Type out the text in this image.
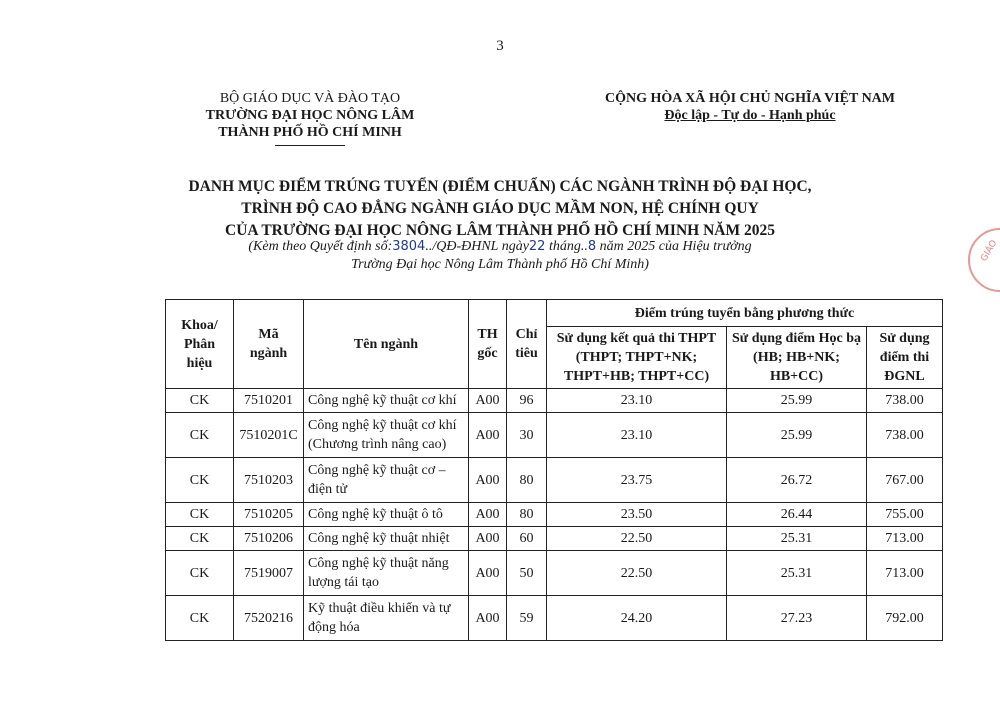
3
BỘ GIÁO DỤC VÀ ĐÀO TẠO
TRƯỜNG ĐẠI HỌC NÔNG LÂM
THÀNH PHỐ HỒ CHÍ MINH
CỘNG HÒA XÃ HỘI CHỦ NGHĨA VIỆT NAM
Độc lập - Tự do - Hạnh phúc
DANH MỤC ĐIỂM TRÚNG TUYỂN (ĐIỂM CHUẨN) CÁC NGÀNH TRÌNH ĐỘ ĐẠI HỌC,
TRÌNH ĐỘ CAO ĐẲNG NGÀNH GIÁO DỤC MẦM NON, HỆ CHÍNH QUY
CỦA TRƯỜNG ĐẠI HỌC NÔNG LÂM THÀNH PHỐ HỒ CHÍ MINH NĂM 2025
(Kèm theo Quyết định số:3804../QĐ-ĐHNL ngày22 tháng..8 năm 2025 của Hiệu trưởng
Trường Đại học Nông Lâm Thành phố Hồ Chí Minh)
GIÁO
Khoa/ Phân hiệu	Mã ngành	Tên ngành	TH gốc	Chỉ tiêu	Điểm trúng tuyển bằng phương thức		
					Sử dụng kết quả thi THPT (THPT; THPT+NK; THPT+HB; THPT+CC)	Sử dụng điểm Học bạ (HB; HB+NK; HB+CC)	Sử dụng điểm thi ĐGNL
CK	7510201	Công nghệ kỹ thuật cơ khí	A00	96	23.10	25.99	738.00
CK	7510201C	Công nghệ kỹ thuật cơ khí (Chương trình nâng cao)	A00	30	23.10	25.99	738.00
CK	7510203	Công nghệ kỹ thuật cơ – điện tử	A00	80	23.75	26.72	767.00
CK	7510205	Công nghệ kỹ thuật ô tô	A00	80	23.50	26.44	755.00
CK	7510206	Công nghệ kỹ thuật nhiệt	A00	60	22.50	25.31	713.00
CK	7519007	Công nghệ kỹ thuật năng lượng tái tạo	A00	50	22.50	25.31	713.00
CK	7520216	Kỹ thuật điều khiển và tự động hóa	A00	59	24.20	27.23	792.00
